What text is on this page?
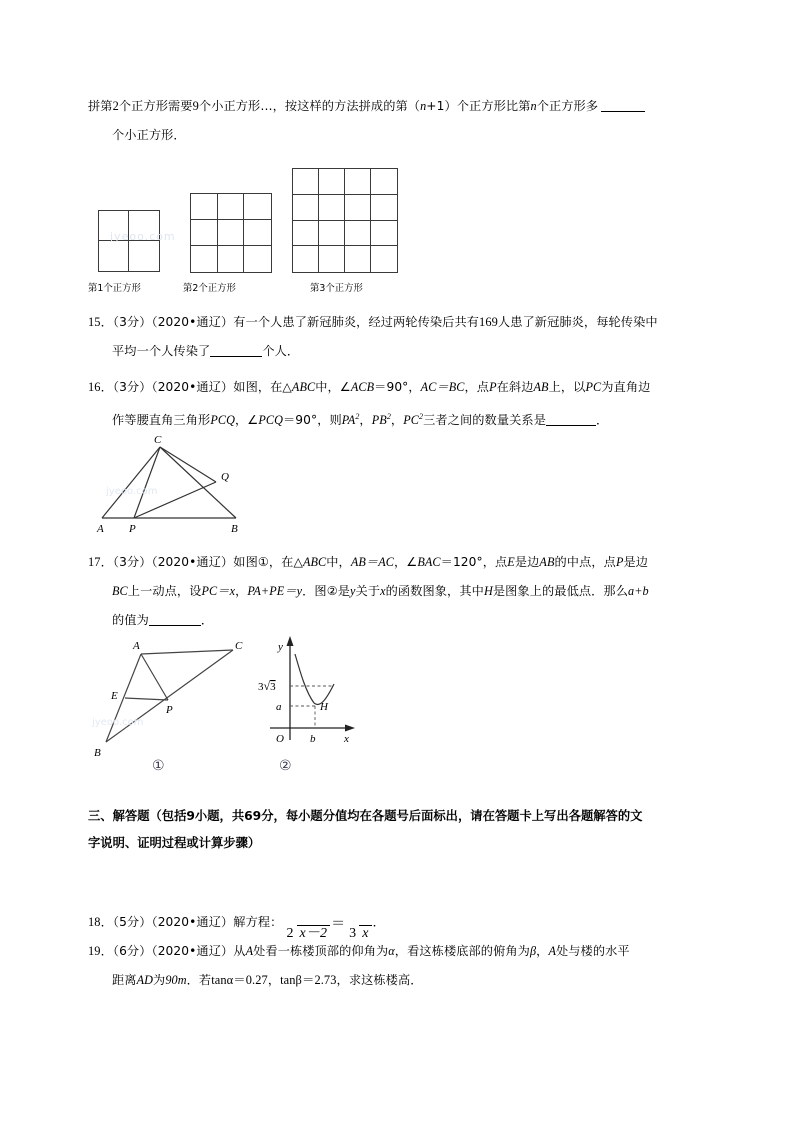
拼第2个正方形需要9个小正方形…，按这样的方法拼成的第（n+1）个正方形比第n个正方形多
个小正方形．
第1个正方形	第2个正方形	第3个正方形
jyeoo.com
15．（3分）（2020•通辽）有一个人患了新冠肺炎，经过两轮传染后共有169人患了新冠肺炎，每轮传染中
平均一个人传染了	个人．
16．（3分）（2020•通辽）如图，在△ABC中，∠ACB＝90°，AC＝BC，点P在斜边AB上，以PC为直角边
作等腰直角三角形PCQ，∠PCQ＝90°，则$PA^2$，$PB^2$，$PC^2$三者之间的数量关系是	．
C
Q
A P	B
jyeoo.com
17．（3分）（2020•通辽）如图①，在△ABC中，AB＝AC，∠BAC＝120°，点E是边AB的中点，点P是边
BC上一动点，设PC＝x，PA+PE＝y．图②是y关于x的函数图象，其中H是图象上的最低点．那么a+b
的值为	．
A	C
E
P
B
jyeoo.com
3√3
a
b
O	x
y
H
①	②
三、解答题（包括9小题，共69分，每小题分值均在各题号后面标出，请在答题卡上写出各题解答的文
字说明、证明过程或计算步骤）
18．（5分）（2020•通辽）解方程：2 x－2＝3 x．
19．（6分）（2020•通辽）从A处看一栋楼顶部的仰角为α，看这栋楼底部的俯角为β，A处与楼的水平
距离AD为90m．若tanα＝0.27，tanβ＝2.73，求这栋楼高．
